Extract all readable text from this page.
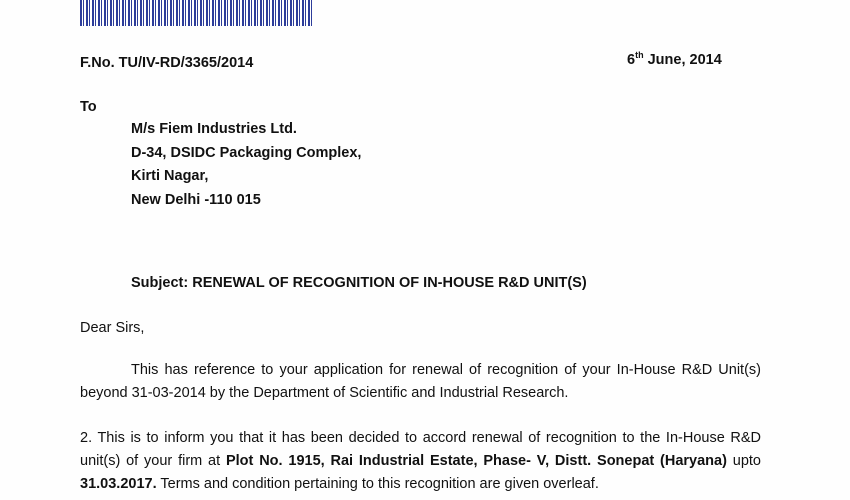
F.No. TU/IV-RD/3365/2014	6th June, 2014
To
M/s Fiem Industries Ltd.
D-34, DSIDC Packaging Complex,
Kirti Nagar,
New Delhi -110 015
Subject: RENEWAL OF RECOGNITION OF IN-HOUSE R&D UNIT(S)
Dear Sirs,

This has reference to your application for renewal of recognition of your In-House R&D Unit(s) beyond 31-03-2014 by the Department of Scientific and Industrial Research.

2. This is to inform you that it has been decided to accord renewal of recognition to the In-House R&D unit(s) of your firm at Plot No. 1915, Rai Industrial Estate, Phase- V, Distt. Sonepat (Haryana) upto 31.03.2017. Terms and condition pertaining to this recognition are given overleaf.
